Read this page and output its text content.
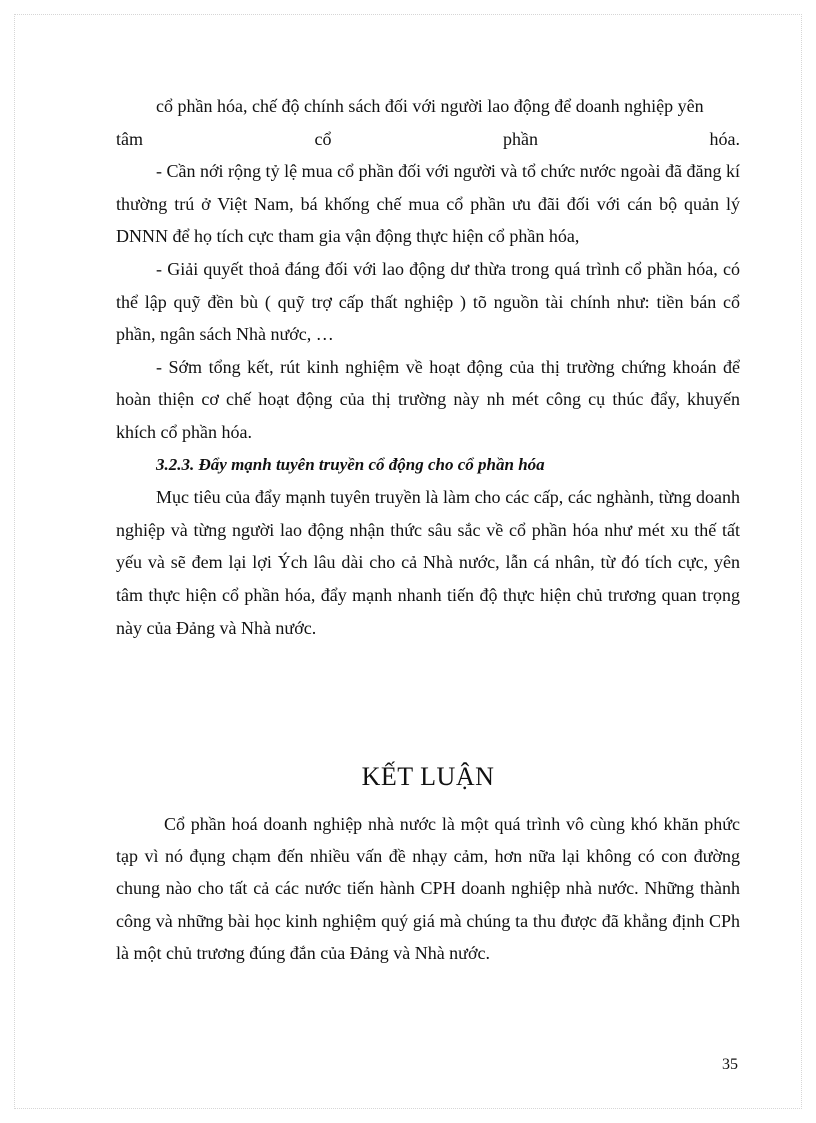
cổ phần hóa, chế độ chính sách đối với người lao động để doanh nghiệp yên

tâm cổ phần hóa.

- Cần nới rộng tỷ lệ mua cổ phần đối với người và tổ chức nước ngoài đã đăng kí thường trú ở Việt Nam, bá khống chế mua cổ phần ưu đãi đối với cán bộ quản lý DNNN để họ tích cực tham gia vận động thực hiện cổ phần hóa,

- Giải quyết thoả đáng đối với lao động dư thừa trong quá trình cổ phần hóa, có thể lập quỹ đền bù ( quỹ trợ cấp thất nghiệp ) tõ nguồn tài chính như: tiền bán cổ phần, ngân sách Nhà nước, …

- Sớm tổng kết, rút kinh nghiệm về hoạt động của thị trường chứng khoán để hoàn thiện cơ chế hoạt động của thị trường này nh mét công cụ thúc đẩy, khuyến khích cổ phần hóa.

3.2.3. Đẩy mạnh tuyên truyền cổ động cho cổ phần hóa

Mục tiêu của đẩy mạnh tuyên truyền là làm cho các cấp, các nghành, từng doanh nghiệp và từng người lao động nhận thức sâu sắc về cổ phần hóa như mét xu thế tất yếu và sẽ đem lại lợi Ých lâu dài cho cả Nhà nước, lẫn cá nhân, từ đó tích cực, yên tâm thực hiện cổ phần hóa, đẩy mạnh nhanh tiến độ thực hiện chủ trương quan trọng này của Đảng và Nhà nước.

KẾT LUẬN

Cổ phần hoá doanh nghiệp nhà nước là một quá trình vô cùng khó khăn phức tạp vì nó đụng chạm đến nhiều vấn đề nhạy cảm, hơn nữa lại không có con đường chung nào cho tất cả các nước tiến hành CPH doanh nghiệp nhà nước. Những thành công và những bài học kinh nghiệm quý giá mà chúng ta thu được đã khẳng định CPh là một chủ trương đúng đắn của Đảng và Nhà nước.

35
